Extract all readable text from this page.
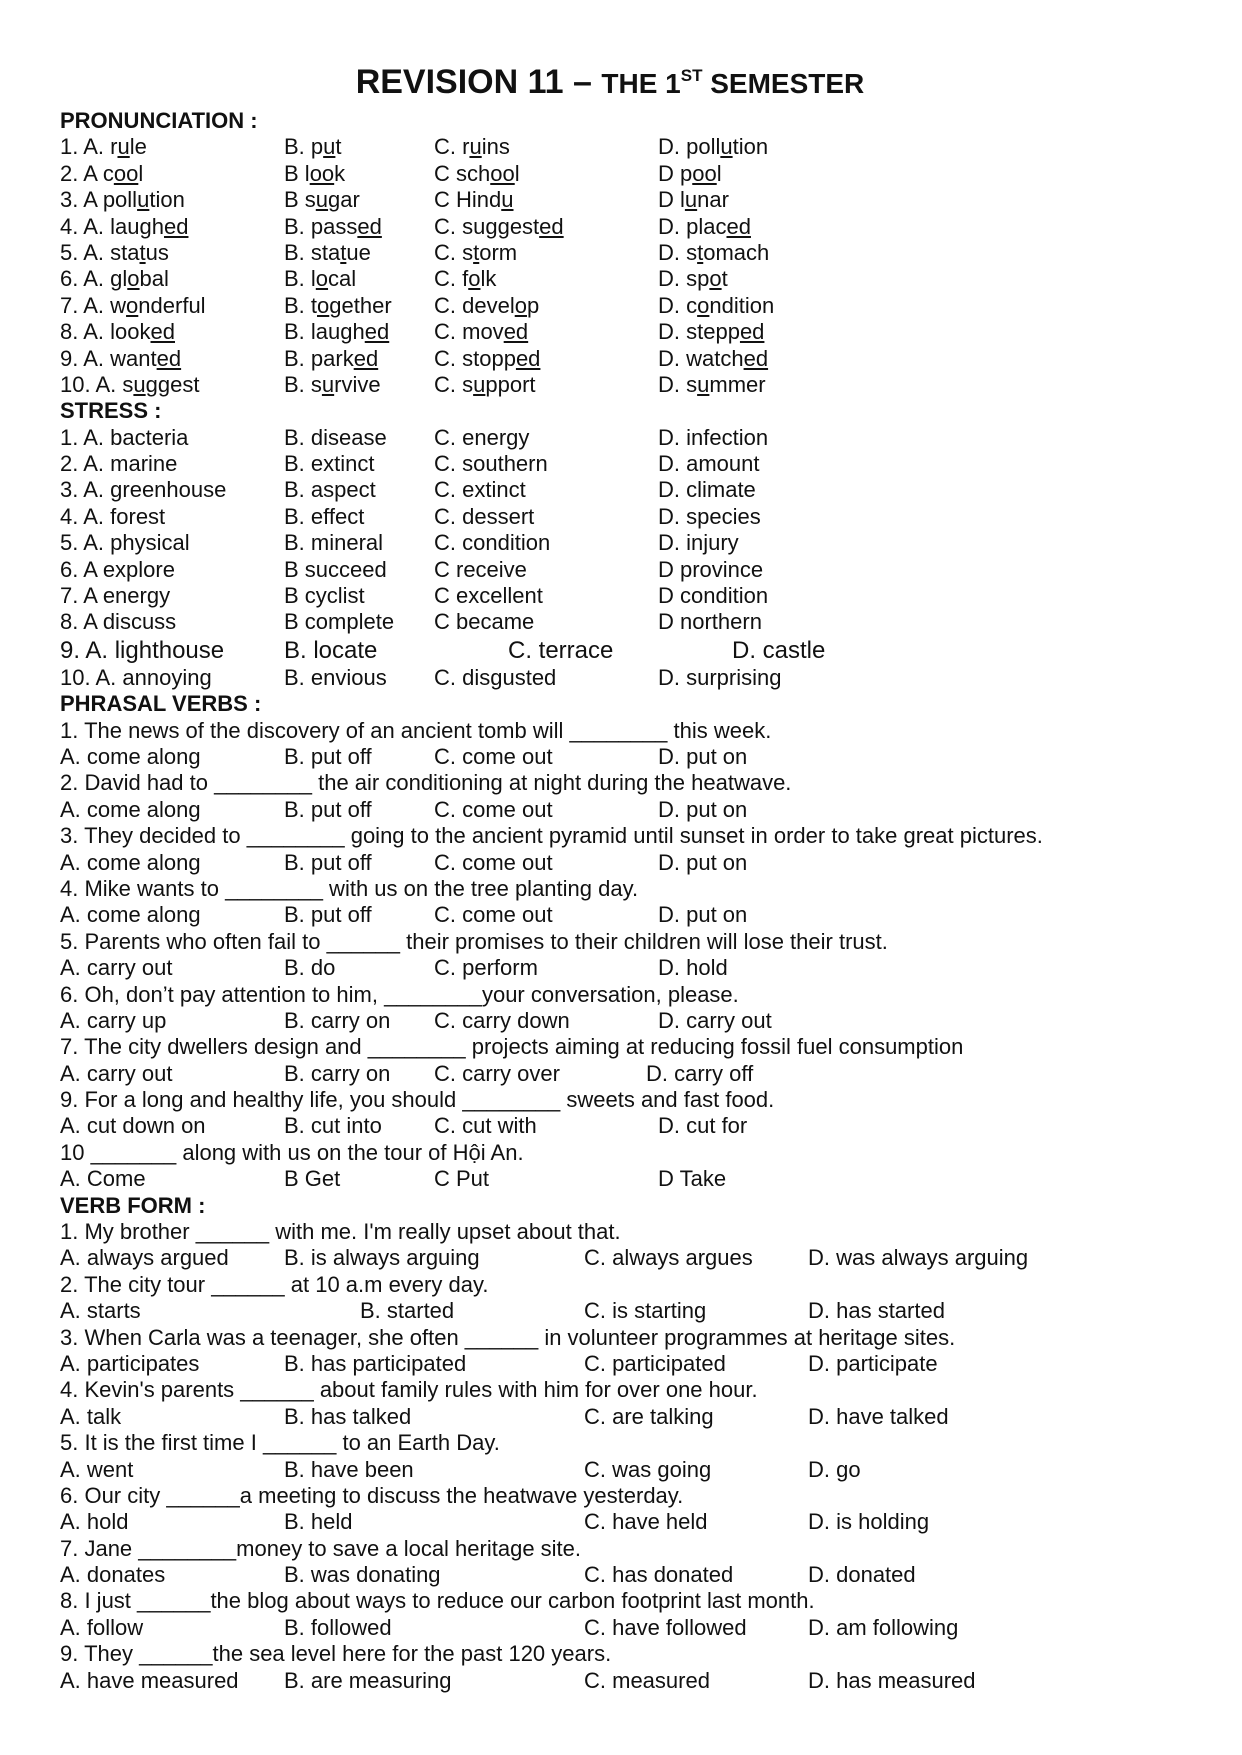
REVISION 11 – THE 1ST SEMESTER
PRONUNCIATION :
1. A. rule	B. put	C. ruins	D. pollution
2. A cool	B look	C school	D pool
3. A pollution	B sugar	C Hindu	D lunar
4. A. laughed	B. passed C. suggested	D. placed
5. A. status	B. statue	C. storm	D. stomach
6. A. global	B. local	C. folk	D. spot
7. A. wonderful	B. together C. develop	D. condition
8. A. looked	B. laughed C. moved	D. stepped
9. A. wanted	B. parked	C. stopped	D. watched
10. A. suggest	B. survive C. support	D. summer
STRESS :
1. A. bacteria	B. disease C. energy	D. infection
2. A. marine	B. extinct	C. southern	D. amount
3. A. greenhouse	B. aspect	C. extinct	D. climate
4. A. forest	B. effect	C. dessert	D. species
5. A. physical	B. mineral C. condition	D. injury
6. A explore	B succeed C receive	D province
7. A energy	B cyclist	C excellent	D condition
8. A discuss	B complete C became	D northern
9. A. lighthouse B. locate	C. terrace	D. castle
10. A. annoying	B. envious C. disgusted	D. surprising
PHRASAL VERBS :
1. The news of the discovery of an ancient tomb will ________ this week.
A. come along	B. put off	C. come out	D. put on
2. David had to ________ the air conditioning at night during the heatwave.
A. come along	B. put off	C. come out	D. put on
3. They decided to ________ going to the ancient pyramid until sunset in order to take great pictures.
A. come along	B. put off	C. come out	D. put on
4. Mike wants to ________ with us on the tree planting day.
A. come along	B. put off	C. come out	D. put on
5. Parents who often fail to ______ their promises to their children will lose their trust.
A. carry out	B. do	C. perform	D. hold
6. Oh, don’t pay attention to him, ________your conversation, please.
A. carry up	B. carry on C. carry down	D. carry out
7. The city dwellers design and ________ projects aiming at reducing fossil fuel consumption
A. carry out	B. carry on C. carry over	D. carry off
9. For a long and healthy life, you should ________ sweets and fast food.
A. cut down on	B. cut into C. cut with	D. cut for
10 _______ along with us on the tour of Hội An.
A. Come	B Get	C Put	D Take
VERB FORM :
1. My brother ______ with me. I'm really upset about that.
A. always argued	B. is always arguing	C. always argues	D. was always arguing
2. The city tour ______ at 10 a.m every day.
A. starts	B. started	C. is starting	D. has started
3. When Carla was a teenager, she often ______ in volunteer programmes at heritage sites.
A. participates	B. has participated	C. participated	D. participate
4. Kevin's parents ______ about family rules with him for over one hour.
A. talk	B. has talked	C. are talking	D. have talked
5. It is the first time I ______ to an Earth Day.
A. went	B. have been	C. was going	D. go
6. Our city ______a meeting to discuss the heatwave yesterday.
A. hold	B. held	C. have held	D. is holding
7. Jane ________money to save a local heritage site.
A. donates	B. was donating	C. has donated	D. donated
8. I just ______the blog about ways to reduce our carbon footprint last month.
A. follow	B. followed	C. have followed	D. am following
9. They ______the sea level here for the past 120 years.
A. have measured B. are measuring	C. measured	D. has measured
